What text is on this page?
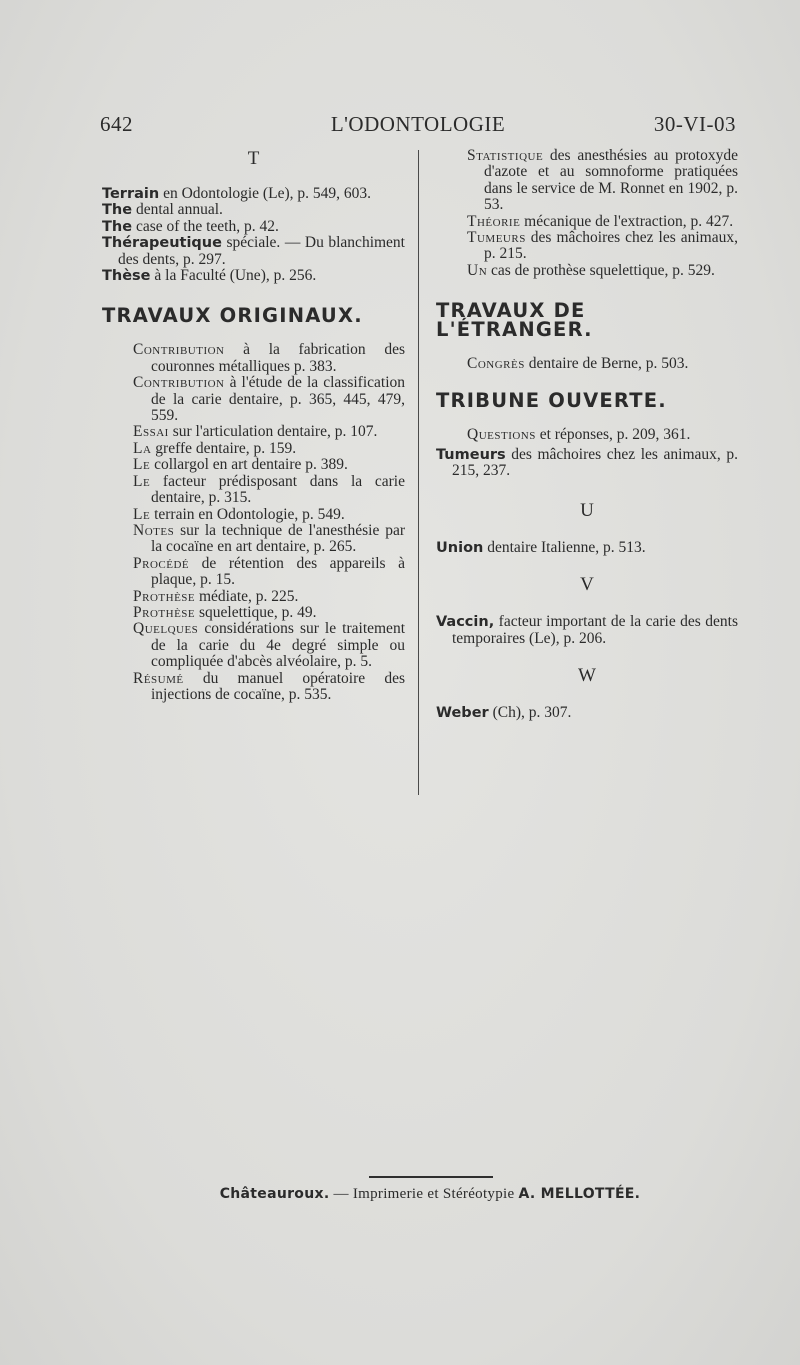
642	L'ODONTOLOGIE	30-VI-03

T

Terrain en Odontologie (Le), p. 549, 603.

The dental annual.

The case of the teeth, p. 42.

Thérapeutique spéciale. — Du blanchiment des dents, p. 297.

Thèse à la Faculté (Une), p. 256.

TRAVAUX ORIGINAUX.

Contribution à la fabrication des couronnes métalliques p. 383.

Contribution à l'étude de la classification de la carie dentaire, p. 365, 445, 479, 559.

Essai sur l'articulation dentaire, p. 107.

La greffe dentaire, p. 159.

Le collargol en art dentaire p. 389.

Le facteur prédisposant dans la carie dentaire, p. 315.

Le terrain en Odontologie, p. 549.

Notes sur la technique de l'anesthésie par la cocaïne en art dentaire, p. 265.

Procédé de rétention des appareils à plaque, p. 15.

Prothèse médiate, p. 225.

Prothèse squelettique, p. 49.

Quelques considérations sur le traitement de la carie du 4e degré simple ou compliquée d'abcès alvéolaire, p. 5.

Résumé du manuel opératoire des injections de cocaïne, p. 535.

Statistique des anesthésies au protoxyde d'azote et au somnoforme pratiquées dans le service de M. Ronnet en 1902, p. 53.

Théorie mécanique de l'extraction, p. 427.

Tumeurs des mâchoires chez les animaux, p. 215.

Un cas de prothèse squelettique, p. 529.

TRAVAUX DE L'ÉTRANGER.

Congrès dentaire de Berne, p. 503.

TRIBUNE OUVERTE.

Questions et réponses, p. 209, 361.

Tumeurs des mâchoires chez les animaux, p. 215, 237.

U

Union dentaire Italienne, p. 513.

V

Vaccin, facteur important de la carie des dents temporaires (Le), p. 206.

W

Weber (Ch), p. 307.

Châteauroux. — Imprimerie et Stéréotypie A. MELLOTTÉE.
